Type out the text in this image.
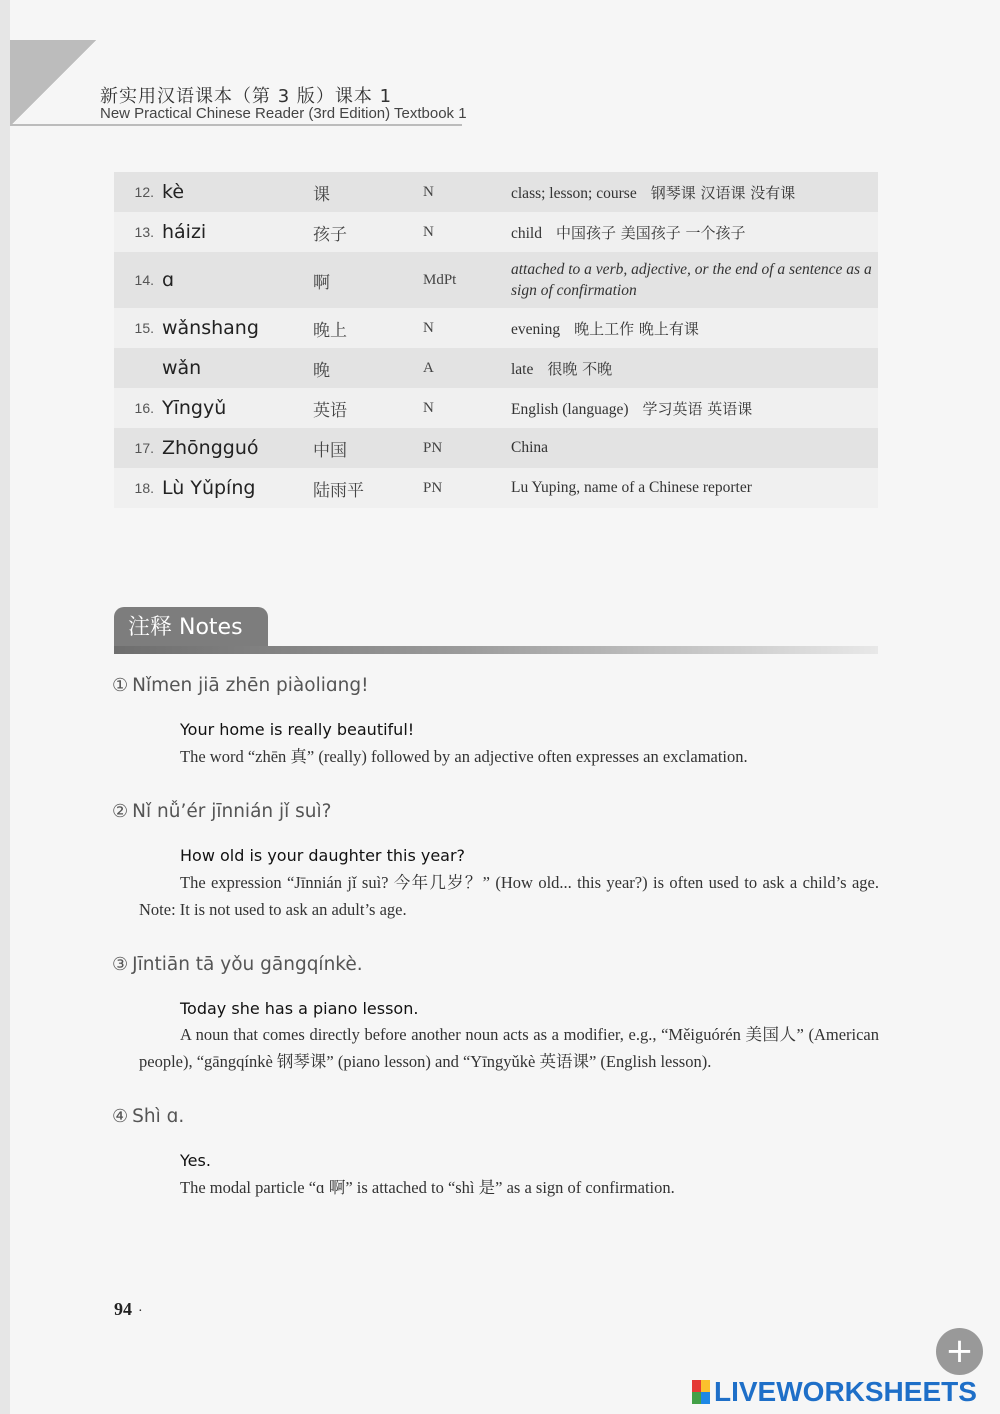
新实用汉语课本（第 3 版）课本 1
New Practical Chinese Reader (3rd Edition) Textbook 1
12.	kè	课	N	class; lesson; course 钢琴课 汉语课 没有课
13.	háizi	孩子	N	child 中国孩子 美国孩子 一个孩子
14.	ɑ	啊	MdPt	attached to a verb, adjective, or the end of a sentence as a sign of confirmation

15.	wǎnshang	晚上	N	evening 晚上工作 晚上有课
	wǎn	晚	A	late 很晚 不晚
16.	Yīngyǔ	英语	N	English (language) 学习英语 英语课
17.	Zhōngguó	中国	PN	China
18.	Lù Yǔpíng	陆雨平	PN	Lu Yuping, name of a Chinese reporter
注释 Notes
① Nǐmen jiā zhēn piàoliɑng!
Your home is really beautiful!
The word “zhēn 真” (really) followed by an adjective often expresses an exclamation.
② Nǐ nǚ’ér jīnnián jǐ suì?
How old is your daughter this year?
The expression “Jīnnián jǐ suì? 今年几岁？” (How old... this year?) is often used to ask a child’s age. Note: It is not used to ask an adult’s age.
③ Jīntiān tā yǒu gāngqínkè.
Today she has a piano lesson.
A noun that comes directly before another noun acts as a modifier, e.g., “Měiguórén 美国人” (American people), “gāngqínkè 钢琴课” (piano lesson) and “Yīngyǔkè 英语课” (English lesson).
④ Shì ɑ.
Yes.
The modal particle “ɑ 啊” is attached to “shì 是” as a sign of confirmation.
94 ·
+
LIVEWORKSHEETS
